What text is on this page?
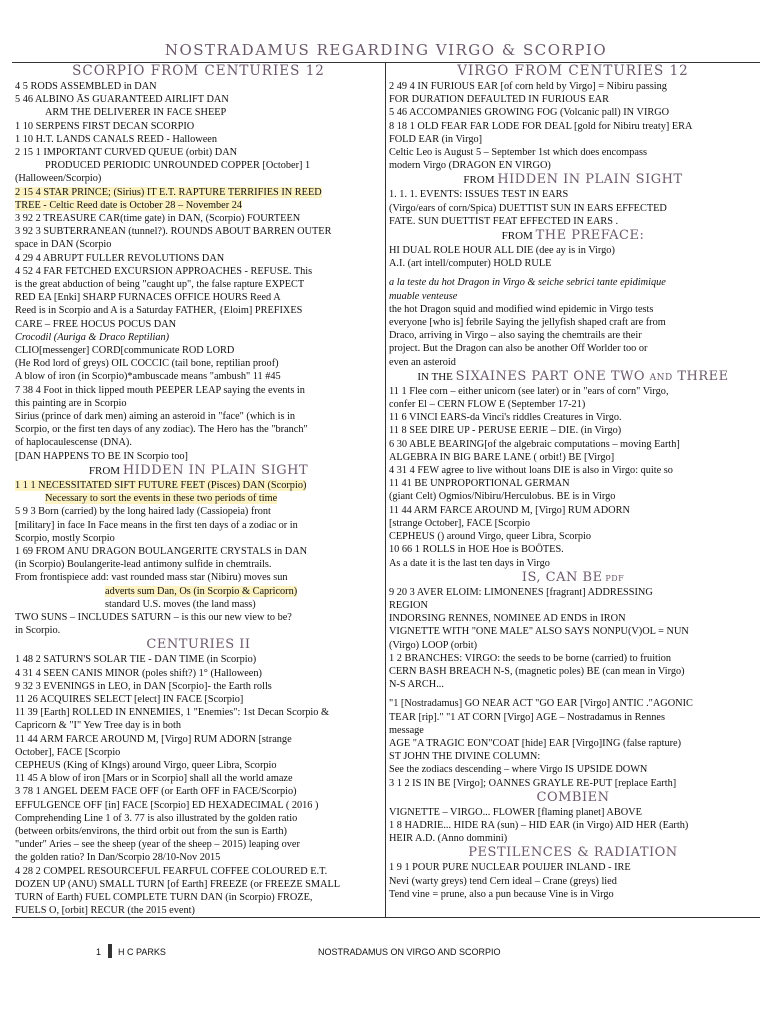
NOSTRADAMUS REGARDING VIRGO & SCORPIO
SCORPIO FROM CENTURIES 12
4 5 RODS ASSEMBLED in DAN
5 46 ALBINO ĀS GUARANTEED AIRLIFT DAN
ARM THE DELIVERER IN FACE SHEEP
1 10 SERPENS FIRST DECAN SCORPIO
1 10 H.T. LANDS CANALS REED - Halloween
2 15 1 IMPORTANT CURVED QUEUE (orbit) DAN
PRODUCED PERIODIC UNROUNDED COPPER [October] 1
(Halloween/Scorpio)
2 15 4 STAR PRINCE; (Sirius) IT E.T. RAPTURE TERRIFIES IN REED
TREE - Celtic Reed date is October 28 – November 24
3 92 2 TREASURE CAR(time gate) in DAN, (Scorpio) FOURTEEN
3 92 3 SUBTERRANEAN (tunnel?). ROUNDS ABOUT BARREN OUTER
space in DAN (Scorpio
4 29 4 ABRUPT FULLER REVOLUTIONS DAN
4 52 4 FAR FETCHED EXCURSION APPROACHES - REFUSE. This
is the great abduction of being "caught up", the false rapture EXPECT
RED EA [Enki] SHARP FURNACES OFFICE HOURS Reed A
Reed is in Scorpio and A is a Saturday FATHER, {Eloim] PREFIXES
CARE – FREE HOCUS POCUS DAN
Crocodil (Auriga & Draco Reptilian)
CLIO[messenger] CORD[communicate ROD LORD
(He Rod lord of greys) OIL COCCIC (tail bone, reptilian proof)
A blow of iron (in Scorpio)*ambuscade means "ambush" 11 #45
7 38 4 Foot in thick lipped mouth PEEPER LEAP saying the events in
this painting are in Scorpio
Sirius (prince of dark men) aiming an asteroid in "face" (which is in
Scorpio, or the first ten days of any zodiac). The Hero has the "branch"
of haplocaulescense (DNA).
[DAN HAPPENS TO BE IN Scorpio too]
FROM HIDDEN IN PLAIN SIGHT
1 1 1 NECESSITATED SIFT FUTURE FEET (Pisces) DAN (Scorpio)
Necessary to sort the events in these two periods of time
5 9 3 Born (carried) by the long haired lady (Cassiopeia) front
[military] in face In Face means in the first ten days of a zodiac or in
Scorpio, mostly Scorpio
1 69 FROM ANU DRAGON BOULANGERITE CRYSTALS in DAN
(in Scorpio) Boulangerite-lead antimony sulfide in chemtrails.
From frontispiece add: vast rounded mass star (Nibiru) moves sun
adverts sum Dan, Os (in Scorpio & Capricorn)
standard U.S. moves (the land mass)
TWO SUNS – INCLUDES SATURN – is this our new view to be?
in Scorpio.
CENTURIES II
1 48 2 SATURN'S SOLAR TIE - DAN TIME (in Scorpio)
4 31 4 SEEN CANIS MINOR (poles shift?) 1° (Halloween)
9 32 3 EVENINGS in LEO, in DAN [Scorpio]- the Earth rolls
11 26 ACQUIRES SELECT [elect] IN FACE [Scorpio]
11 39 [Earth] ROLLED IN ENNEMIES, 1 "Enemies": 1st Decan Scorpio &
Capricorn & "I" Yew Tree day is in both
11 44 ARM FARCE AROUND M, [Virgo] RUM ADORN [strange
October], FACE [Scorpio
CEPHEUS (King of KIngs) around Virgo, queer Libra, Scorpio
11 45 A blow of iron [Mars or in Scorpio] shall all the world amaze
3 78 1 ANGEL DEEM FACE OFF (or Earth OFF in FACE/Scorpio)
EFFULGENCE OFF [in] FACE [Scorpio] ED HEXADECIMAL ( 2016 )
Comprehending Line 1 of 3. 77 is also illustrated by the golden ratio
(between orbits/environs, the third orbit out from the sun is Earth)
"under" Aries – see the sheep (year of the sheep – 2015) leaping over
the golden ratio? In Dan/Scorpio 28/10-Nov 2015
4 28 2 COMPEL RESOURCEFUL FEARFUL COFFEE COLOURED E.T.
DOZEN UP (ANU) SMALL TURN [of Earth] FREEZE (or FREEZE SMALL
TURN of Earth) FUEL COMPLETE TURN DAN (in Scorpio) FROZE,
FUELS O, [orbit] RECUR (the 2015 event)
VIRGO FROM CENTURIES 12
2 49 4 IN FURIOUS EAR [of corn held by Virgo] = Nibiru passing
FOR DURATION DEFAULTED IN FURIOUS EAR
5 46 ACCOMPANIES GROWING FOG (Volcanic pall) IN VIRGO
8 18 1 OLD FEAR FAR LODE FOR DEAL [gold for Nibiru treaty] ERA
FOLD EAR (in Virgo]
Celtic Leo is August 5 – September 1st which does encompass
modern Virgo (DRAGON EN VIRGO)
FROM HIDDEN IN PLAIN SIGHT
1. 1. 1. EVENTS: ISSUES TEST IN EARS
(Virgo/ears of corn/Spica) DUETTIST SUN IN EARS EFFECTED
FATE. SUN DUETTIST FEAT EFFECTED IN EARS .
FROM THE PREFACE:
HI DUAL ROLE HOUR ALL DIE (dee ay is in Virgo)
A.I. (art intell/computer) HOLD RULE
a la teste du hot Dragon in Virgo & seiche sebrici tante epidimique
muable venteuse
the hot Dragon squid and modified wind epidemic in Virgo tests
everyone [who is] febrile Saying the jellyfish shaped craft are from
Draco, arriving in Virgo – also saying the chemtrails are their
project. But the Dragon can also be another Off Worlder too or
even an asteroid
IN THE SIXAINES PART ONE TWO and THREE
11 1 Flee corn – either unicorn (see later) or in "ears of corn" Virgo,
confer El – CERN FLOW E (September 17-21)
11 6 VINCI EARS-da Vinci's riddles Creatures in Virgo.
11 8 SEE DIRE UP - PERUSE EERIE – DIE. (in Virgo)
6 30 ABLE BEARING[of the algebraic computations – moving Earth]
ALGEBRA IN BIG BARE LANE ( orbit!) BE [Virgo]
4 31 4 FEW agree to live without loans DIE is also in Virgo: quite so
11 41 BE UNPROPORTIONAL GERMAN
(giant Celt) Ogmios/Nibiru/Herculobus. BE is in Virgo
11 44 ARM FARCE AROUND M, [Virgo] RUM ADORN
[strange October], FACE [Scorpio
CEPHEUS () around Virgo, queer Libra, Scorpio
10 66 1 ROLLS in HOE Hoe is BOÖTES.
As a date it is the last ten days in Virgo
IS, CAN BE pdf
9 20 3 AVER ELOIM: LIMONENES [fragrant] ADDRESSING
REGION
INDORSING RENNES, NOMINEE AD ENDS in IRON
VIGNETTE WITH "ONE MALE" ALSO SAYS NONPU(V)OL = NUN
(Virgo) LOOP (orbit)
1 2 BRANCHES: VIRGO: the seeds to be borne (carried) to fruition
CERN BASH BREACH N-S, (magnetic poles) BE (can mean in Virgo)
N-S ARCH...
"1 [Nostradamus] GO NEAR ACT "GO EAR [Virgo] ANTIC ."AGONIC
TEAR [rip]." "1 AT CORN [Virgo] AGE – Nostradamus in Rennes
message
AGE "A TRAGIC EON"COAT [hide] EAR [Virgo]ING (false rapture)
ST JOHN THE DIVINE COLUMN:
See the zodiacs descending – where Virgo IS UPSIDE DOWN
3 1 2 IS IN BE [Virgo]; OANNES GRAYLE RE-PUT [replace Earth]
COMBIEN
VIGNETTE – VIRGO... FLOWER [flaming planet] ABOVE
1 8 HADRIE... HIDE RA (sun) – HID EAR (in Virgo) AID HER (Earth)
HEIR A.D. (Anno dommini)
PESTILENCES & RADIATION
1 9 1 POUR PURE NUCLEAR POUIJER INLAND - IRE
Nevi (warty greys) tend Cern ideal – Crane (greys) lied
Tend vine = prune, also a pun because Vine is in Virgo
1 H C PARKS	NOSTRADAMUS ON VIRGO AND SCORPIO
